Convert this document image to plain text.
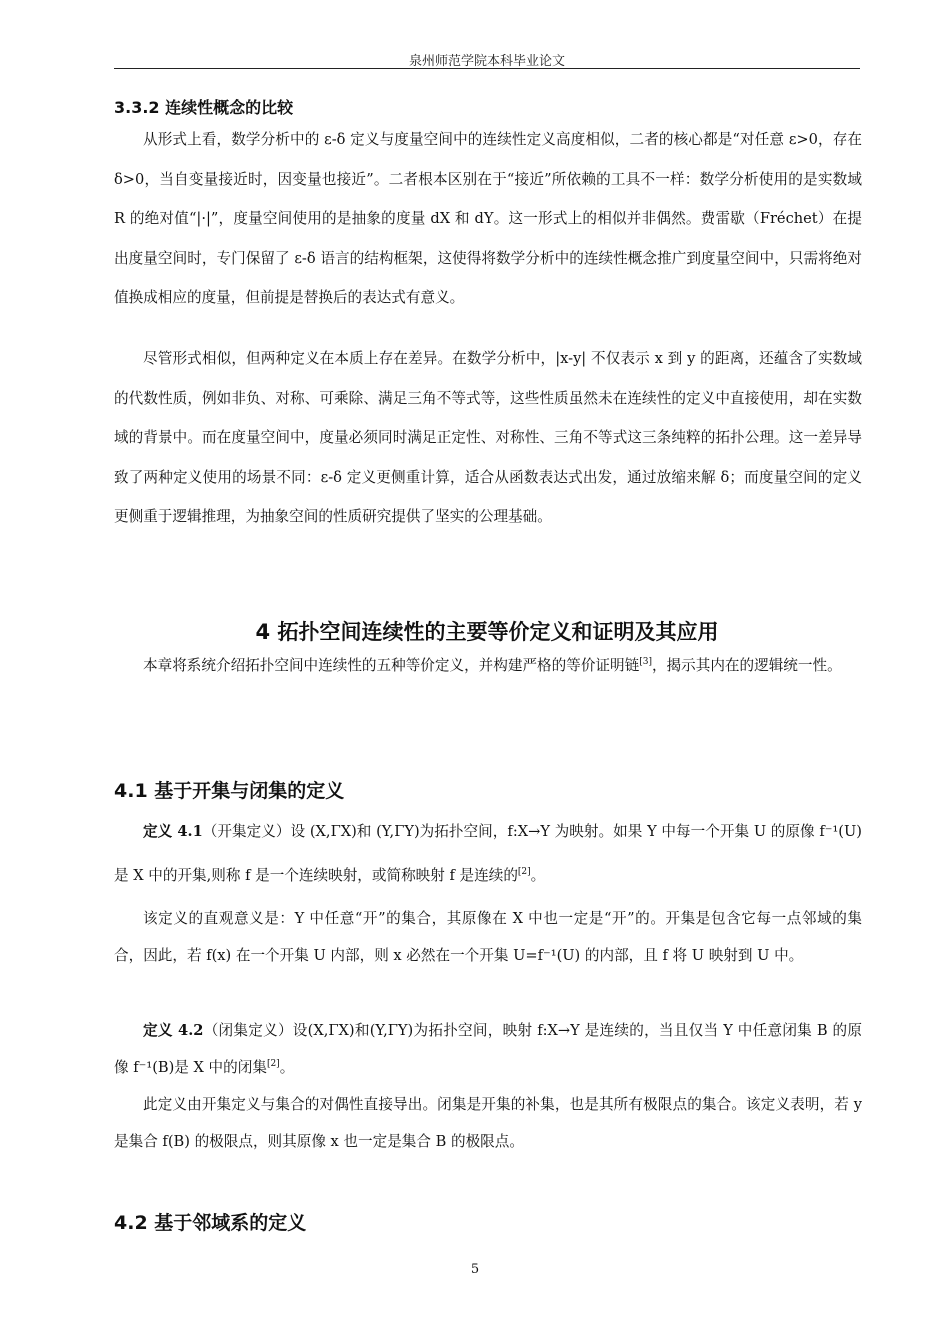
泉州师范学院本科毕业论文
3.3.2 连续性概念的比较

从形式上看，数学分析中的 ε-δ 定义与度量空间中的连续性定义高度相似，二者的核心都是“对任意 ε>0，存在 δ>0，当自变量接近时，因变量也接近”。二者根本区别在于“接近”所依赖的工具不一样：数学分析使用的是实数域 R 的绝对值“|·|”，度量空间使用的是抽象的度量 dX 和 dY。这一形式上的相似并非偶然。费雷歇（Fréchet）在提出度量空间时，专门保留了 ε-δ 语言的结构框架，这使得将数学分析中的连续性概念推广到度量空间中，只需将绝对值换成相应的度量，但前提是替换后的表达式有意义。

尽管形式相似，但两种定义在本质上存在差异。在数学分析中，|x-y| 不仅表示 x 到 y 的距离，还蕴含了实数域的代数性质，例如非负、对称、可乘除、满足三角不等式等，这些性质虽然未在连续性的定义中直接使用，却在实数域的背景中。而在度量空间中，度量必须同时满足正定性、对称性、三角不等式这三条纯粹的拓扑公理。这一差异导致了两种定义使用的场景不同：ε-δ 定义更侧重计算，适合从函数表达式出发，通过放缩来解 δ；而度量空间的定义更侧重于逻辑推理，为抽象空间的性质研究提供了坚实的公理基础。

4 拓扑空间连续性的主要等价定义和证明及其应用

本章将系统介绍拓扑空间中连续性的五种等价定义，并构建严格的等价证明链[3]，揭示其内在的逻辑统一性。

4.1 基于开集与闭集的定义

定义 4.1（开集定义）设 (X,ΓX)和 (Y,ΓY)为拓扑空间，f:X→Y 为映射。如果 Y 中每一个开集 U 的原像 f⁻¹(U)是 X 中的开集,则称 f 是一个连续映射，或简称映射 f 是连续的[2]。

该定义的直观意义是：Y 中任意“开”的集合，其原像在 X 中也一定是“开”的。开集是包含它每一点邻域的集合，因此，若 f(x) 在一个开集 U 内部，则 x 必然在一个开集 U=f⁻¹(U) 的内部，且 f 将 U 映射到 U 中。

定义 4.2（闭集定义）设(X,ΓX)和(Y,ΓY)为拓扑空间，映射 f:X→Y 是连续的，当且仅当 Y 中任意闭集 B 的原像 f⁻¹(B)是 X 中的闭集[2]。

此定义由开集定义与集合的对偶性直接导出。闭集是开集的补集，也是其所有极限点的集合。该定义表明，若 y 是集合 f(B) 的极限点，则其原像 x 也一定是集合 B 的极限点。

4.2 基于邻域系的定义
5
